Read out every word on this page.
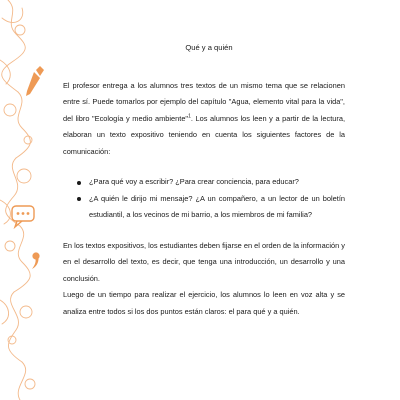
Qué y a quién

El profesor entrega a los alumnos tres textos de un mismo tema que se relacionen entre sí. Puede tomarlos por ejemplo del capítulo "Agua, elemento vital para la vida", del libro "Ecología y medio ambiente"$^1$. Los alumnos los leen y a partir de la lectura, elaboran un texto expositivo teniendo en cuenta los siguientes factores de la comunicación:

¿Para qué voy a escribir? ¿Para crear conciencia, para educar?
¿A quién le dirijo mi mensaje? ¿A un compañero, a un lector de un boletín estudiantil, a los vecinos de mi barrio, a los miembros de mi familia?

En los textos expositivos, los estudiantes deben fijarse en el orden de la información y en el desarrollo del texto, es decir, que tenga una introducción, un desarrollo y una conclusión.

Luego de un tiempo para realizar el ejercicio, los alumnos lo leen en voz alta y se analiza entre todos si los dos puntos están claros: el para qué y a quién.
